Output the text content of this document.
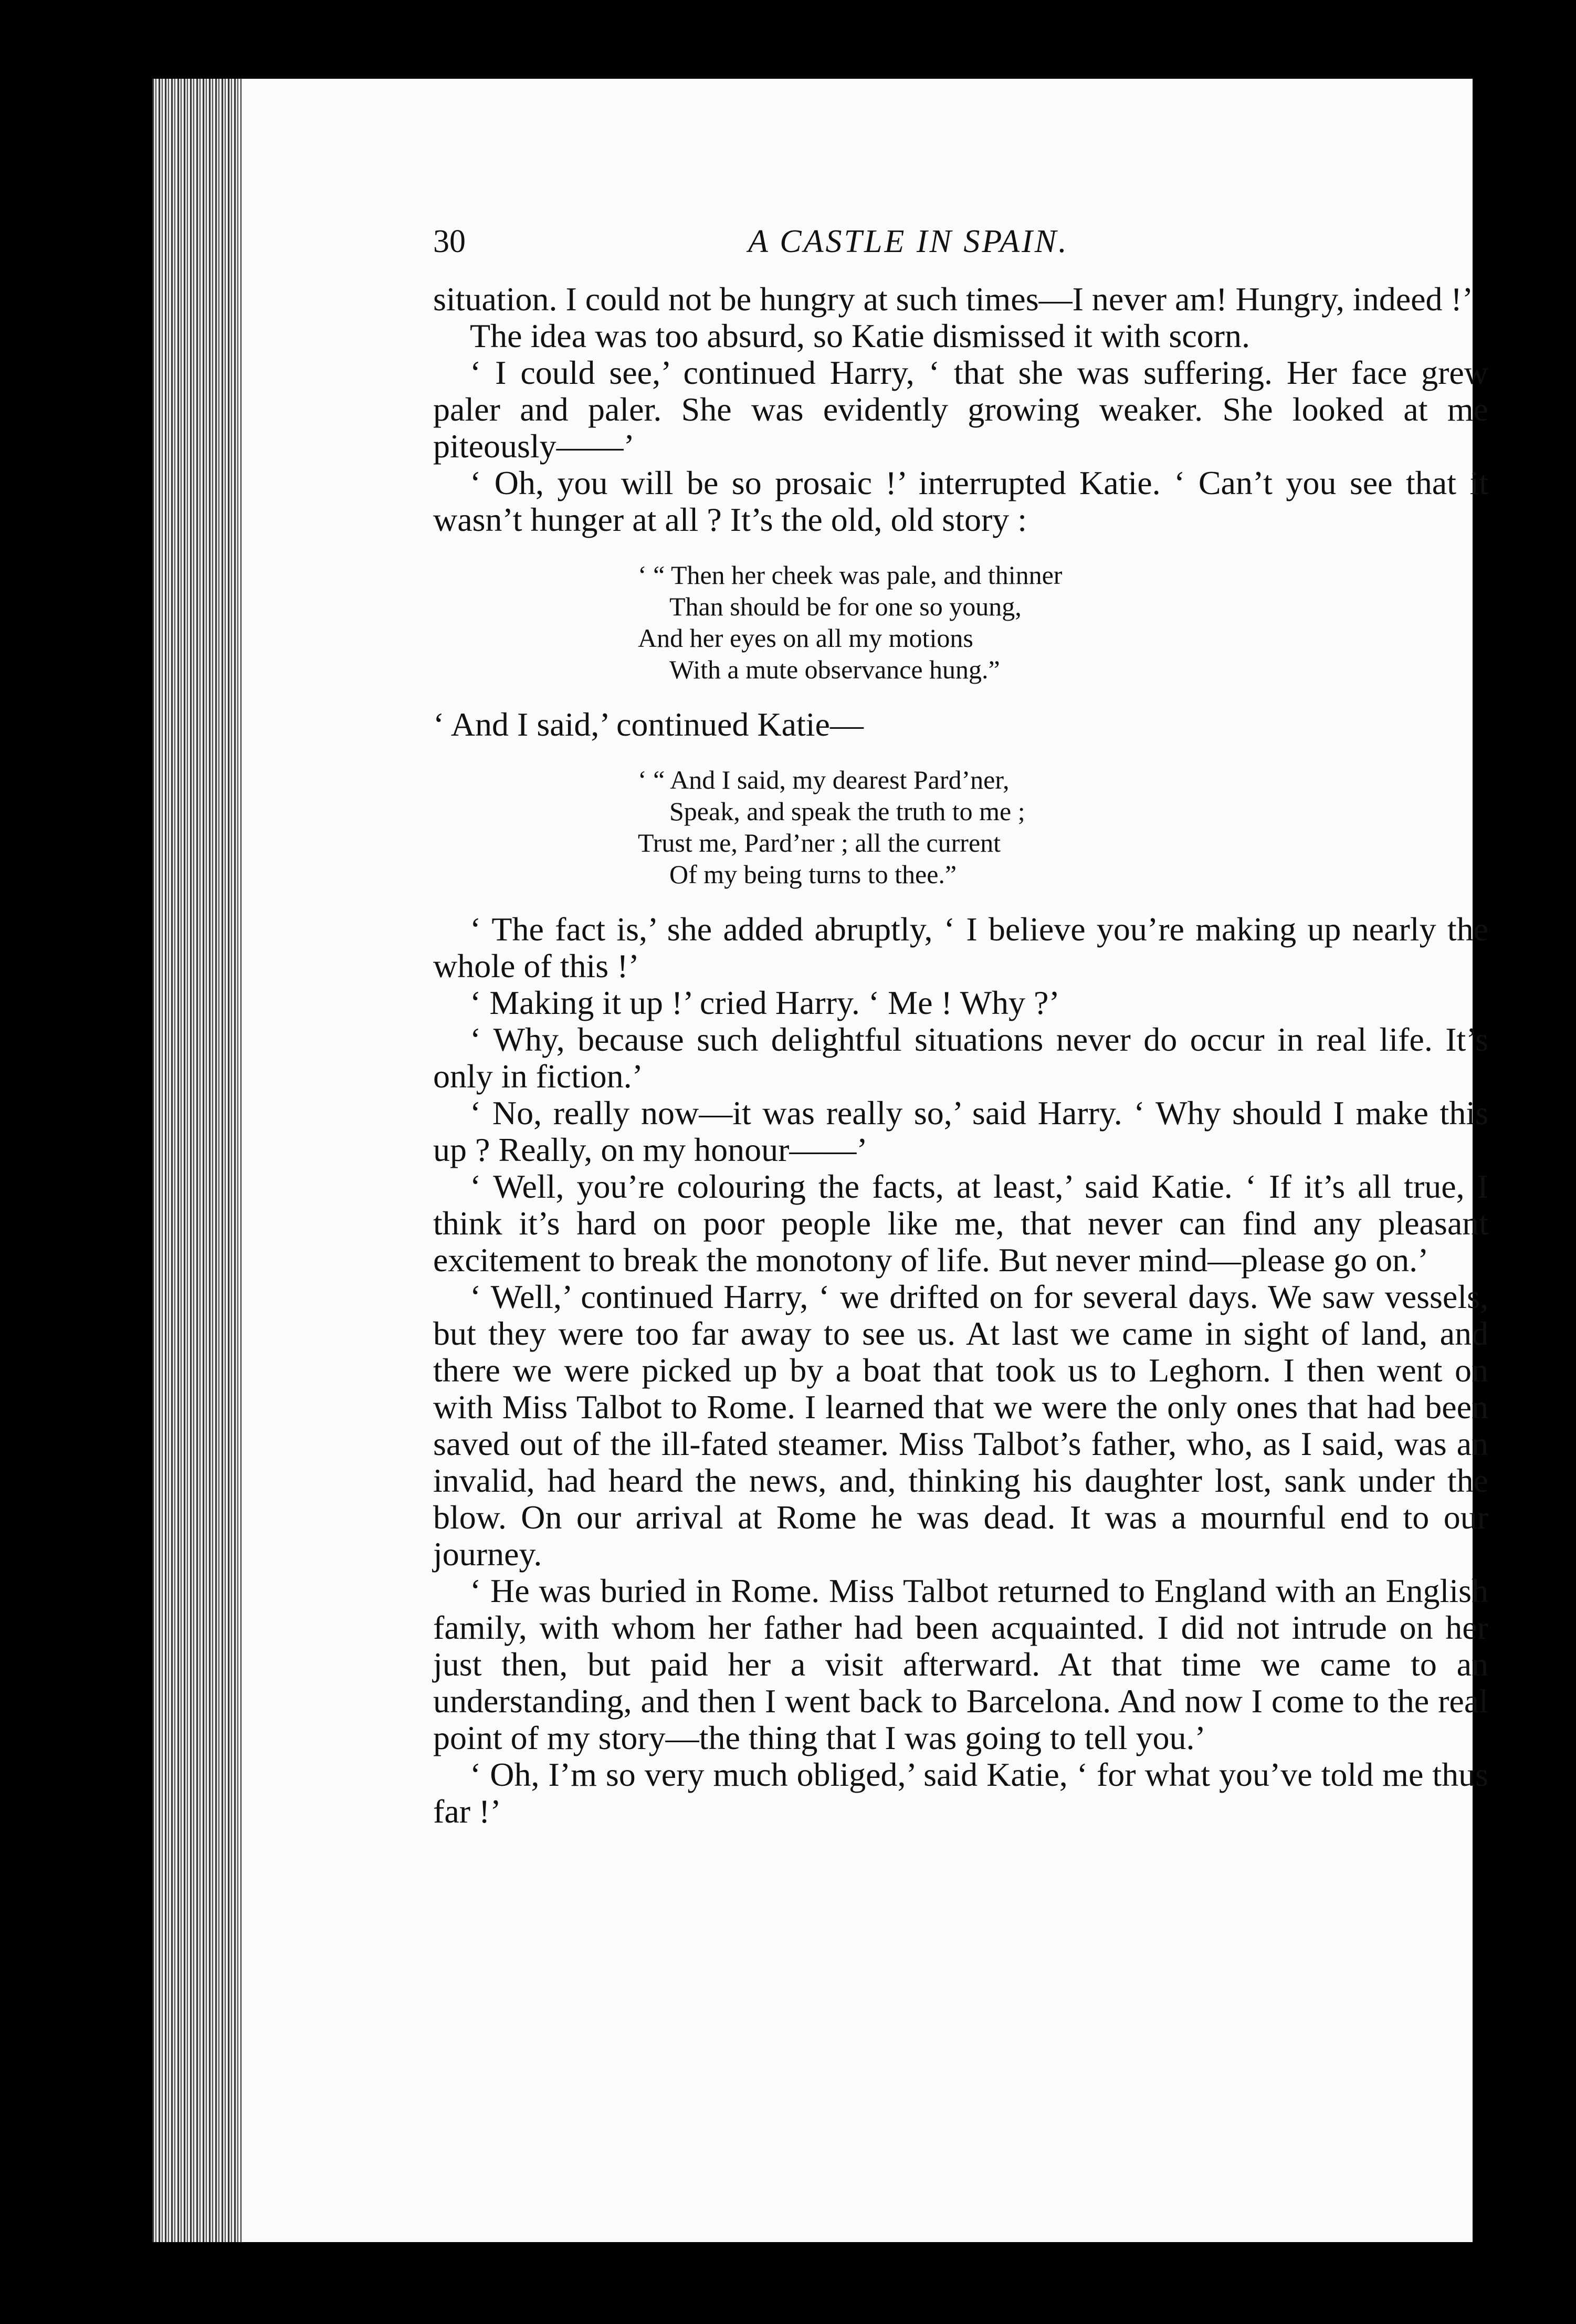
30	A CASTLE IN SPAIN.

situation. I could not be hungry at such times—I never am! Hungry, indeed !’

The idea was too absurd, so Katie dismissed it with scorn.

‘ I could see,’ continued Harry, ‘ that she was suffering. Her face grew paler and paler. She was evidently growing weaker. She looked at me piteously——’

‘ Oh, you will be so prosaic !’ interrupted Katie. ‘ Can’t you see that it wasn’t hunger at all ? It’s the old, old story :

‘ “ Then her cheek was pale, and thinner
Than should be for one so young,
And her eyes on all my motions
With a mute observance hung.”

‘ And I said,’ continued Katie—

‘ “ And I said, my dearest Pard’ner,
Speak, and speak the truth to me ;
Trust me, Pard’ner ; all the current
Of my being turns to thee.”

‘ The fact is,’ she added abruptly, ‘ I believe you’re making up nearly the whole of this !’

‘ Making it up !’ cried Harry. ‘ Me ! Why ?’

‘ Why, because such delightful situations never do occur in real life. It’s only in fiction.’

‘ No, really now—it was really so,’ said Harry. ‘ Why should I make this up ? Really, on my honour——’

‘ Well, you’re colouring the facts, at least,’ said Katie. ‘ If it’s all true, I think it’s hard on poor people like me, that never can find any pleasant excitement to break the monotony of life. But never mind—please go on.’

‘ Well,’ continued Harry, ‘ we drifted on for several days. We saw vessels, but they were too far away to see us. At last we came in sight of land, and there we were picked up by a boat that took us to Leghorn. I then went on with Miss Talbot to Rome. I learned that we were the only ones that had been saved out of the ill-fated steamer. Miss Talbot’s father, who, as I said, was an invalid, had heard the news, and, thinking his daughter lost, sank under the blow. On our arrival at Rome he was dead. It was a mournful end to our journey.

‘ He was buried in Rome. Miss Talbot returned to England with an English family, with whom her father had been acquainted. I did not intrude on her just then, but paid her a visit afterward. At that time we came to an understanding, and then I went back to Barcelona. And now I come to the real point of my story—the thing that I was going to tell you.’

‘ Oh, I’m so very much obliged,’ said Katie, ‘ for what you’ve told me thus far !’
